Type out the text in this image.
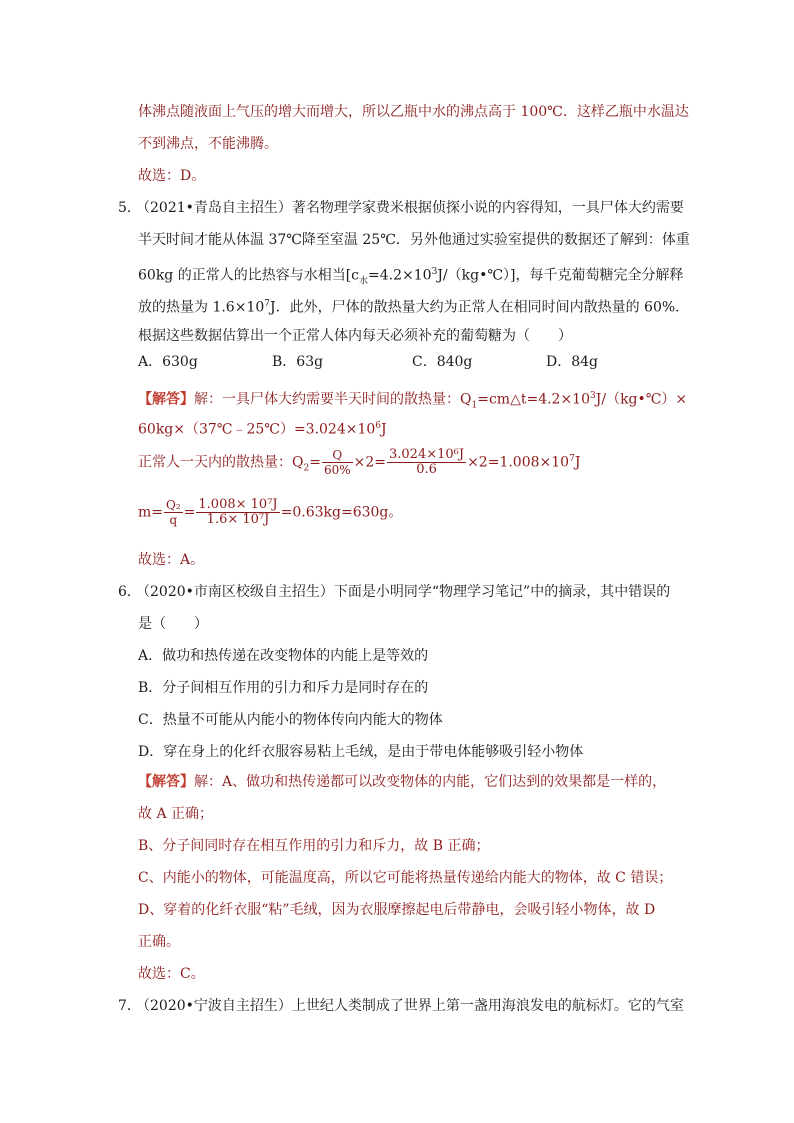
体沸点随液面上气压的增大而增大，所以乙瓶中水的沸点高于 100℃．这样乙瓶中水温达
不到沸点，不能沸腾。
故选：D。
5．
（2021•青岛自主招生）著名物理学家费米根据侦探小说的内容得知，一具尸体大约需要
半天时间才能从体温 37℃降至室温 25℃．另外他通过实验室提供的数据还了解到：体重
60kg 的正常人的比热容与水相当$[c_水=4.2\times 10^3J/(kg•℃)]$，每千克葡萄糖完全分解释
放的热量为 $1.6\times 10^7J$．此外，尸体的散热量大约为正常人在相同时间内散热量的 60%．
根据这些数据估算出一个正常人体内每天必须补充的葡萄糖为（　　）
A．630g	B．63g	C．840g	D．84g
【解答】解：一具尸体大约需要半天时间的散热量：$Q_1=cm\triangle t=4.2\times 10^3J/(kg•℃)\times$
$60kg\times(37℃﹣25℃)=3.024\times 10^6J$
正常人一天内的散热量：$Q_2= \frac{Q}{60\%} \times 2= \frac{\text{3.024×10⁶J}}{0.6} \times 2=1.008\times 10^7J$
$m= \frac{\text{Q₂}}{q} = \frac{\text{1.008× 10⁷J}}{\text{1.6× 10⁷J}} =0.63kg=630g$。
故选：A。
6．
（2020•市南区校级自主招生）下面是小明同学“物理学习笔记”中的摘录，其中错误的
是（　　）
A．做功和热传递在改变物体的内能上是等效的
B．分子间相互作用的引力和斥力是同时存在的
C．热量不可能从内能小的物体传向内能大的物体
D．穿在身上的化纤衣服容易粘上毛绒，是由于带电体能够吸引轻小物体
【解答】解：A、做功和热传递都可以改变物体的内能，它们达到的效果都是一样的，
故 A 正确；
B、分子间同时存在相互作用的引力和斥力，故 B 正确；
C、内能小的物体，可能温度高，所以它可能将热量传递给内能大的物体，故 C 错误；
D、穿着的化纤衣服“粘”毛绒，因为衣服摩擦起电后带静电，会吸引轻小物体，故 D
正确。
故选：C。
7．
（2020•宁波自主招生）上世纪人类制成了世界上第一盏用海浪发电的航标灯。它的气室
